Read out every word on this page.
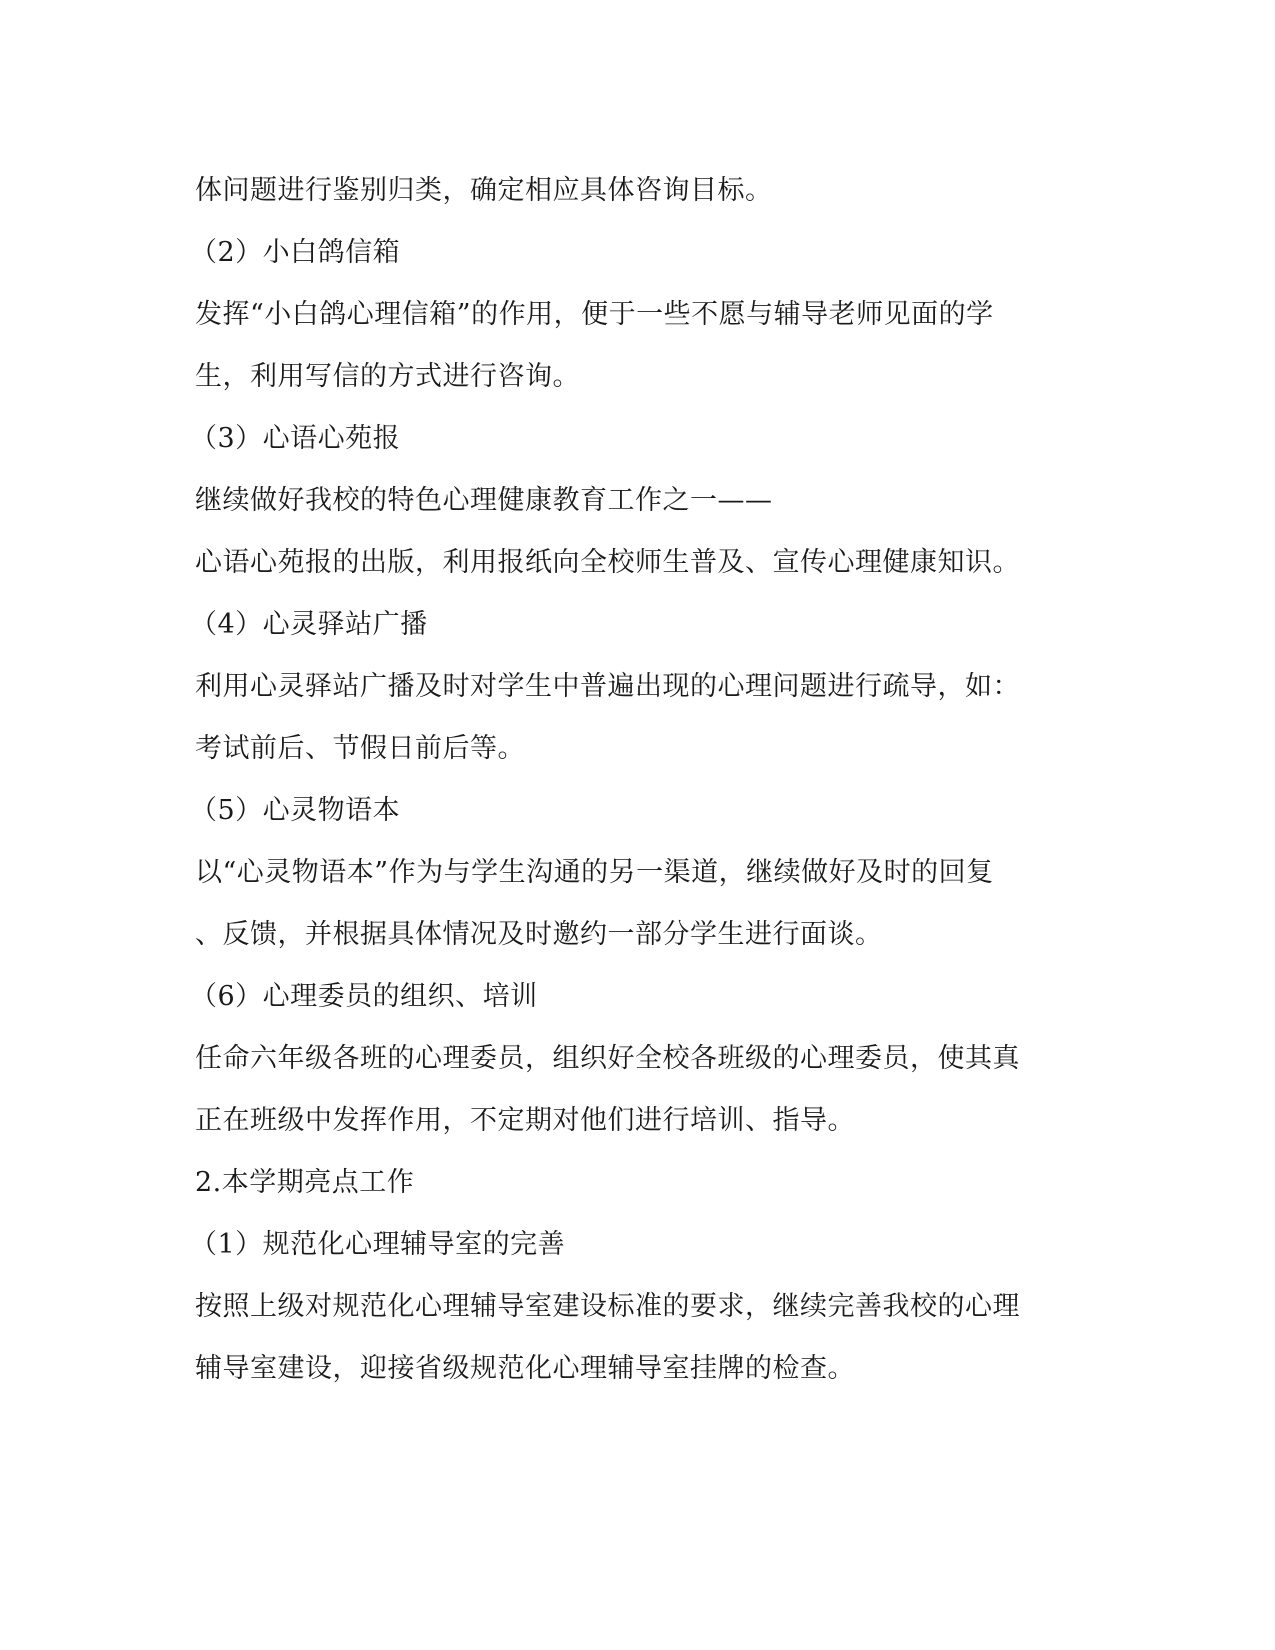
体问题进行鉴别归类，确定相应具体咨询目标。
（2）小白鸽信箱
发挥“小白鸽心理信箱”的作用，便于一些不愿与辅导老师见面的学
生，利用写信的方式进行咨询。
（3）心语心苑报
继续做好我校的特色心理健康教育工作之一——
心语心苑报的出版，利用报纸向全校师生普及、宣传心理健康知识。
（4）心灵驿站广播
利用心灵驿站广播及时对学生中普遍出现的心理问题进行疏导，如：
考试前后、节假日前后等。
（5）心灵物语本
以“心灵物语本”作为与学生沟通的另一渠道，继续做好及时的回复
、反馈，并根据具体情况及时邀约一部分学生进行面谈。
（6）心理委员的组织、培训
任命六年级各班的心理委员，组织好全校各班级的心理委员，使其真
正在班级中发挥作用，不定期对他们进行培训、指导。
2.本学期亮点工作
（1）规范化心理辅导室的完善
按照上级对规范化心理辅导室建设标准的要求，继续完善我校的心理
辅导室建设，迎接省级规范化心理辅导室挂牌的检查。
